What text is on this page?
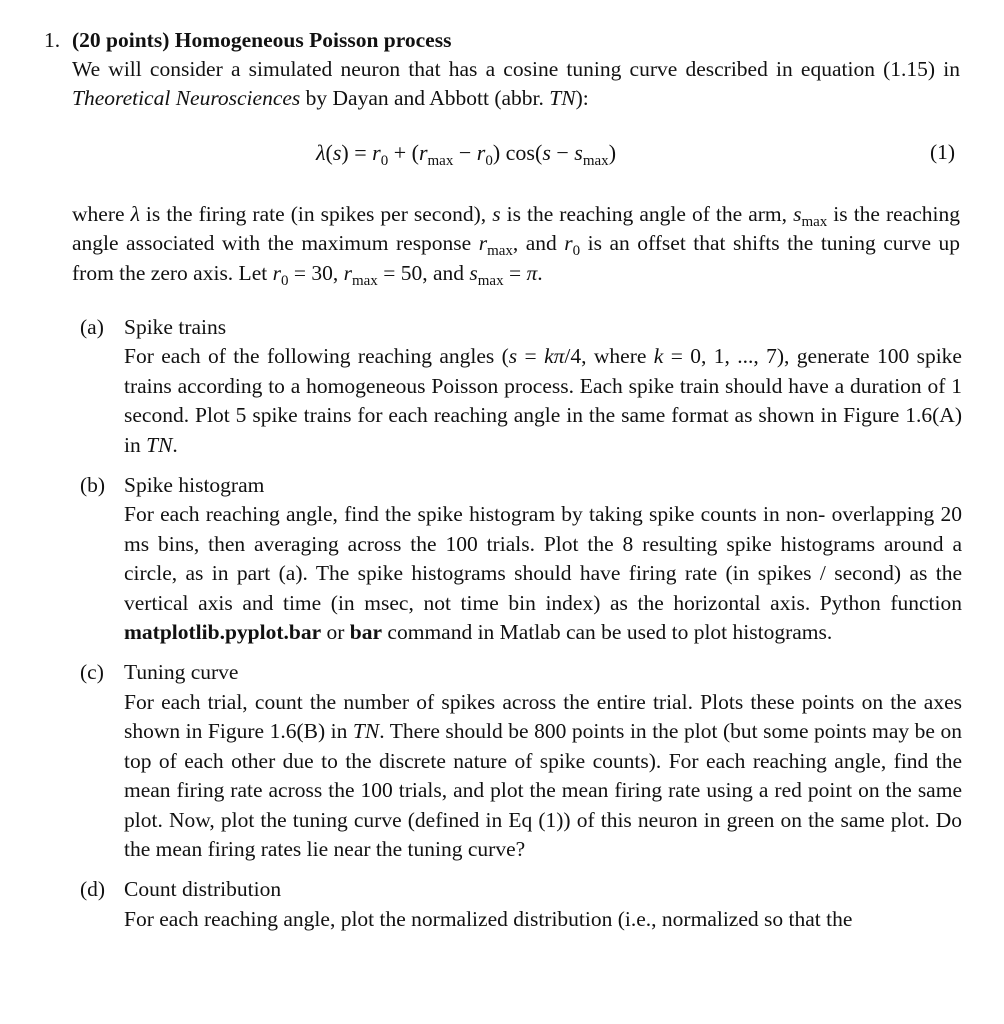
1. (20 points) Homogeneous Poisson process
We will consider a simulated neuron that has a cosine tuning curve described in equation (1.15) in Theoretical Neurosciences by Dayan and Abbott (abbr. TN):
$\lambda(s) = r_0 + (r_{max} - r_0) \cos(s - s_{max})$	(1)
where λ is the firing rate (in spikes per second), s is the reaching angle of the arm, $s_{max}$ is the reaching angle associated with the maximum response $r_{max}$, and $r_0$ is an offset that shifts the tuning curve up from the zero axis. Let $r_0 = 30$, $r_{max} = 50$, and $s_{max} = \pi$.
(a) Spike trains
For each of the following reaching angles (s = kπ/4, where k = 0, 1, ..., 7), generate 100 spike trains according to a homogeneous Poisson process. Each spike train should have a duration of 1 second. Plot 5 spike trains for each reaching angle in the same format as shown in Figure 1.6(A) in TN.
(b) Spike histogram
For each reaching angle, find the spike histogram by taking spike counts in non- overlapping 20 ms bins, then averaging across the 100 trials. Plot the 8 resulting spike histograms around a circle, as in part (a). The spike histograms should have firing rate (in spikes / second) as the vertical axis and time (in msec, not time bin index) as the horizontal axis. Python function matplotlib.pyplot.bar or bar command in Matlab can be used to plot histograms.
(c) Tuning curve
For each trial, count the number of spikes across the entire trial. Plots these points on the axes shown in Figure 1.6(B) in TN. There should be 800 points in the plot (but some points may be on top of each other due to the discrete nature of spike counts). For each reaching angle, find the mean firing rate across the 100 trials, and plot the mean firing rate using a red point on the same plot. Now, plot the tuning curve (defined in Eq (1)) of this neuron in green on the same plot. Do the mean firing rates lie near the tuning curve?
(d) Count distribution
For each reaching angle, plot the normalized distribution (i.e., normalized so that the
